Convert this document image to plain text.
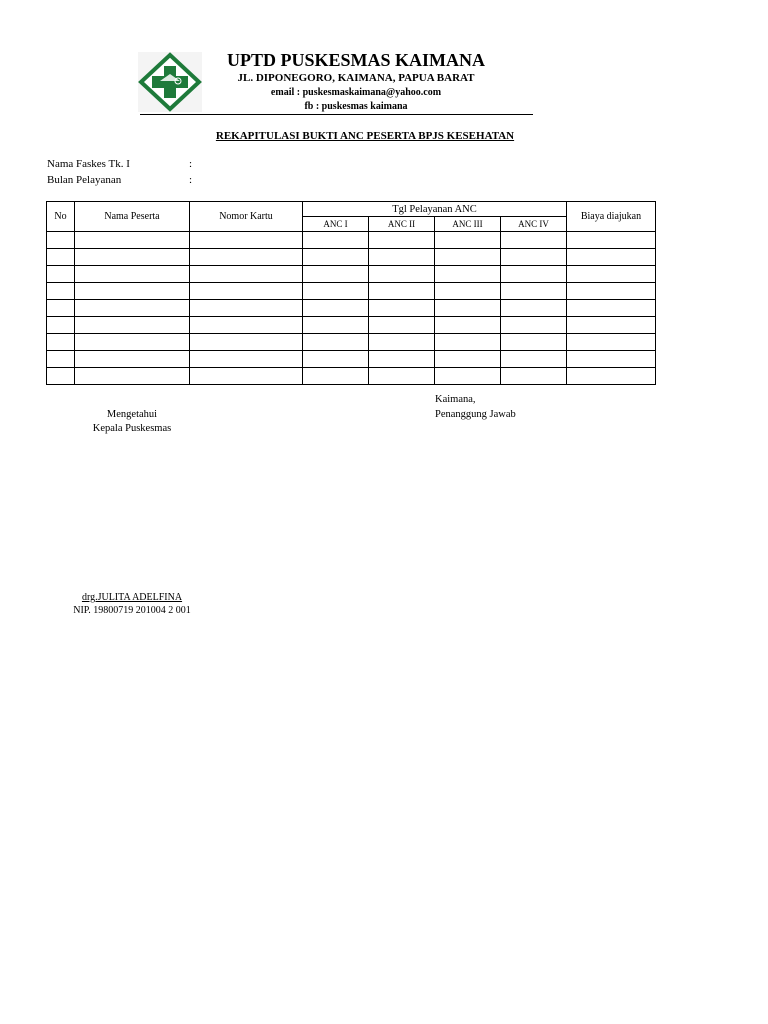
UPTD PUSKESMAS KAIMANA
JL. DIPONEGORO, KAIMANA, PAPUA BARAT
email : puskesmaskaimana@yahoo.com
fb : puskesmas kaimana
REKAPITULASI BUKTI ANC PESERTA BPJS KESEHATAN
Nama Faskes Tk. I	:
Bulan Pelayanan	:
No	Nama Peserta	Nomor Kartu	Tgl Pelayanan ANC				Biaya diajukan
			ANC I	ANC II	ANC III	ANC IV	

Mengetahui
Kepala Puskesmas
Kaimana,
Penanggung Jawab
drg.JULITA ADELFINA
NIP. 19800719 201004 2 001
